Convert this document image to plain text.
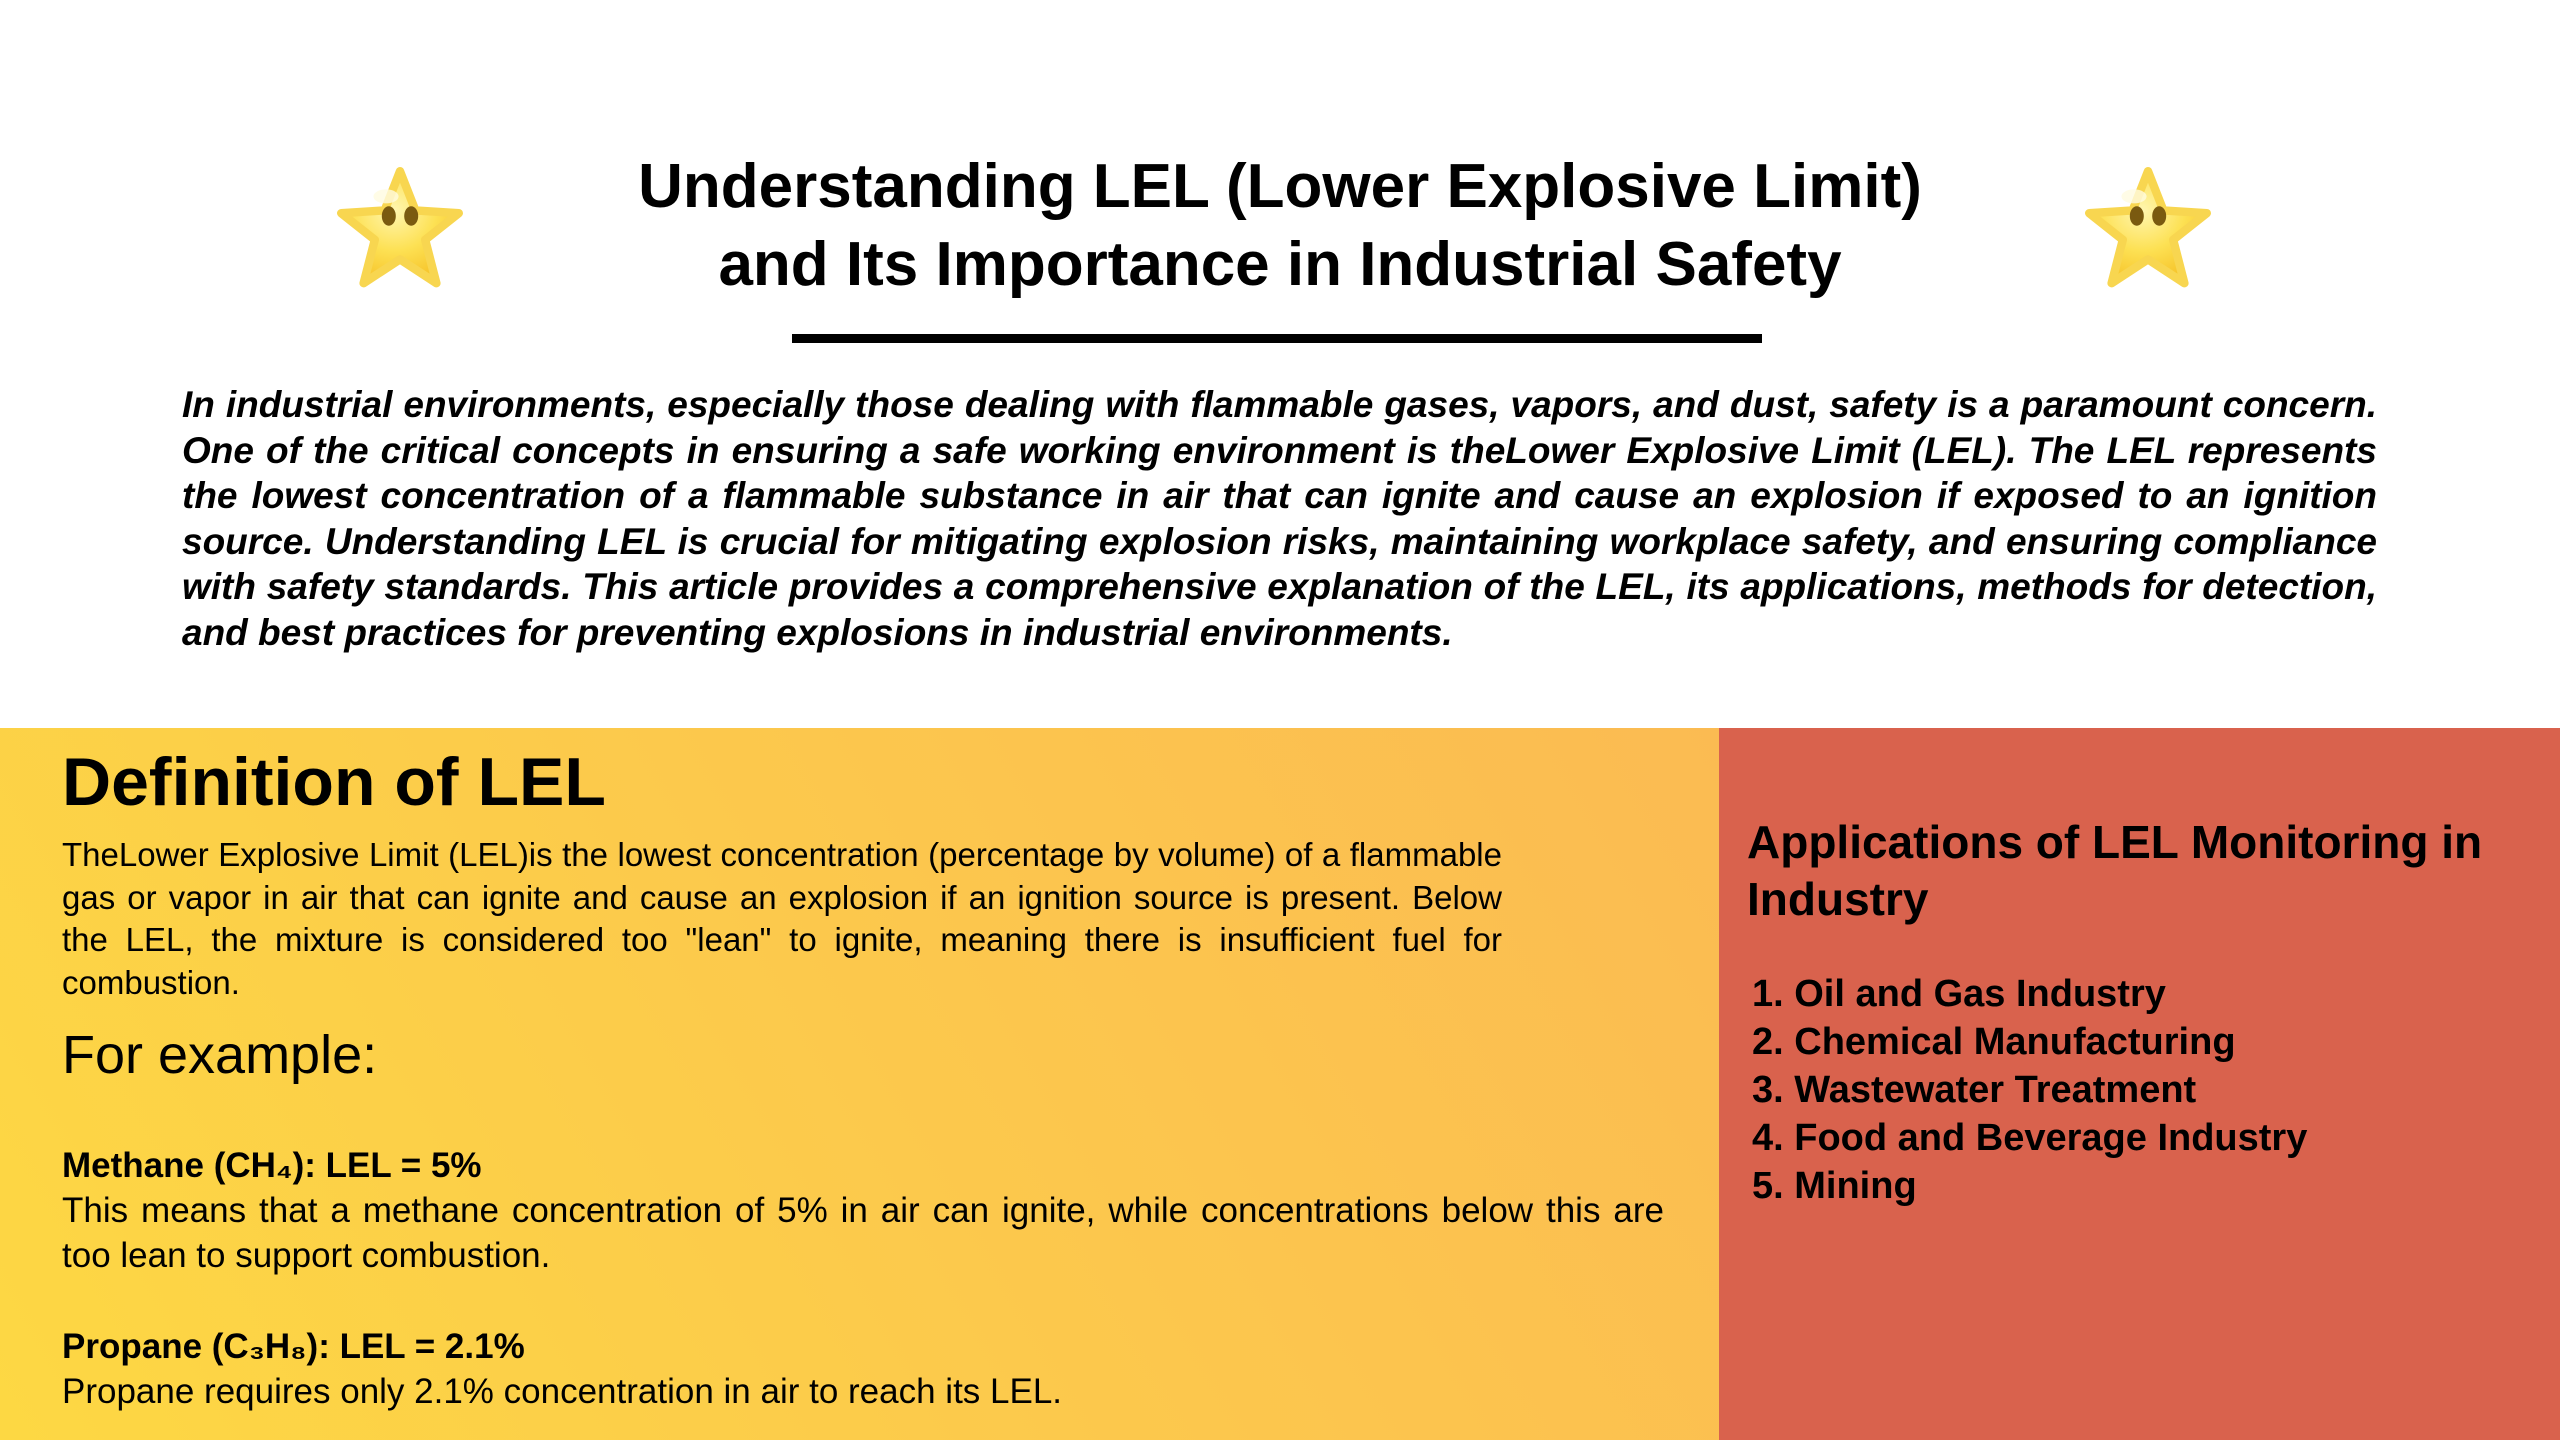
Understanding LEL (Lower Explosive Limit)
and Its Importance in Industrial Safety

In industrial environments, especially those dealing with flammable gases, vapors, and dust, safety is a paramount concern. One of the critical concepts in ensuring a safe working environment is theLower Explosive Limit (LEL). The LEL represents the lowest concentration of a flammable substance in air that can ignite and cause an explosion if exposed to an ignition source. Understanding LEL is crucial for mitigating explosion risks, maintaining workplace safety, and ensuring compliance with safety standards. This article provides a comprehensive explanation of the LEL, its applications, methods for detection, and best practices for preventing explosions in industrial environments.

Definition of LEL

TheLower Explosive Limit (LEL)is the lowest concentration (percentage by volume) of a flammable gas or vapor in air that can ignite and cause an explosion if an ignition source is present. Below the LEL, the mixture is considered too "lean" to ignite, meaning there is insufficient fuel for combustion.

For example:

Methane (CH₄): LEL = 5%

This means that a methane concentration of 5% in air can ignite, while concentrations below this are too lean to support combustion.

Propane (C₃H₈): LEL = 2.1%

Propane requires only 2.1% concentration in air to reach its LEL.

Applications of LEL Monitoring in Industry
1. Oil and Gas Industry
2. Chemical Manufacturing
3. Wastewater Treatment
4. Food and Beverage Industry
5. Mining
